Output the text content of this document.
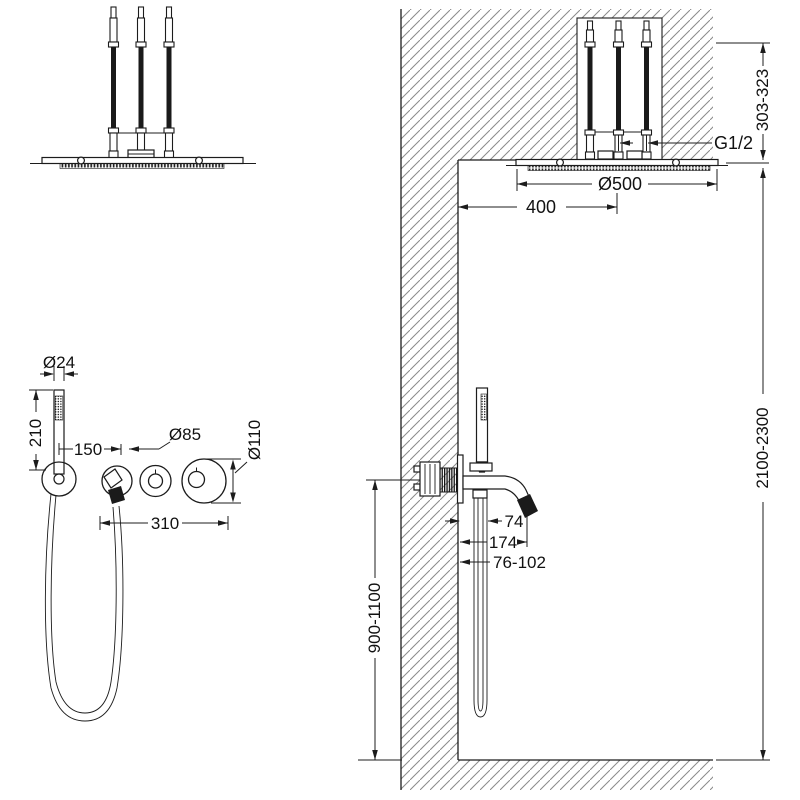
Ø500
400
G1/2
303-323
2100-2300
900-1100
74
174
76-102
Ø24
210
150
Ø85	Ø110
310
